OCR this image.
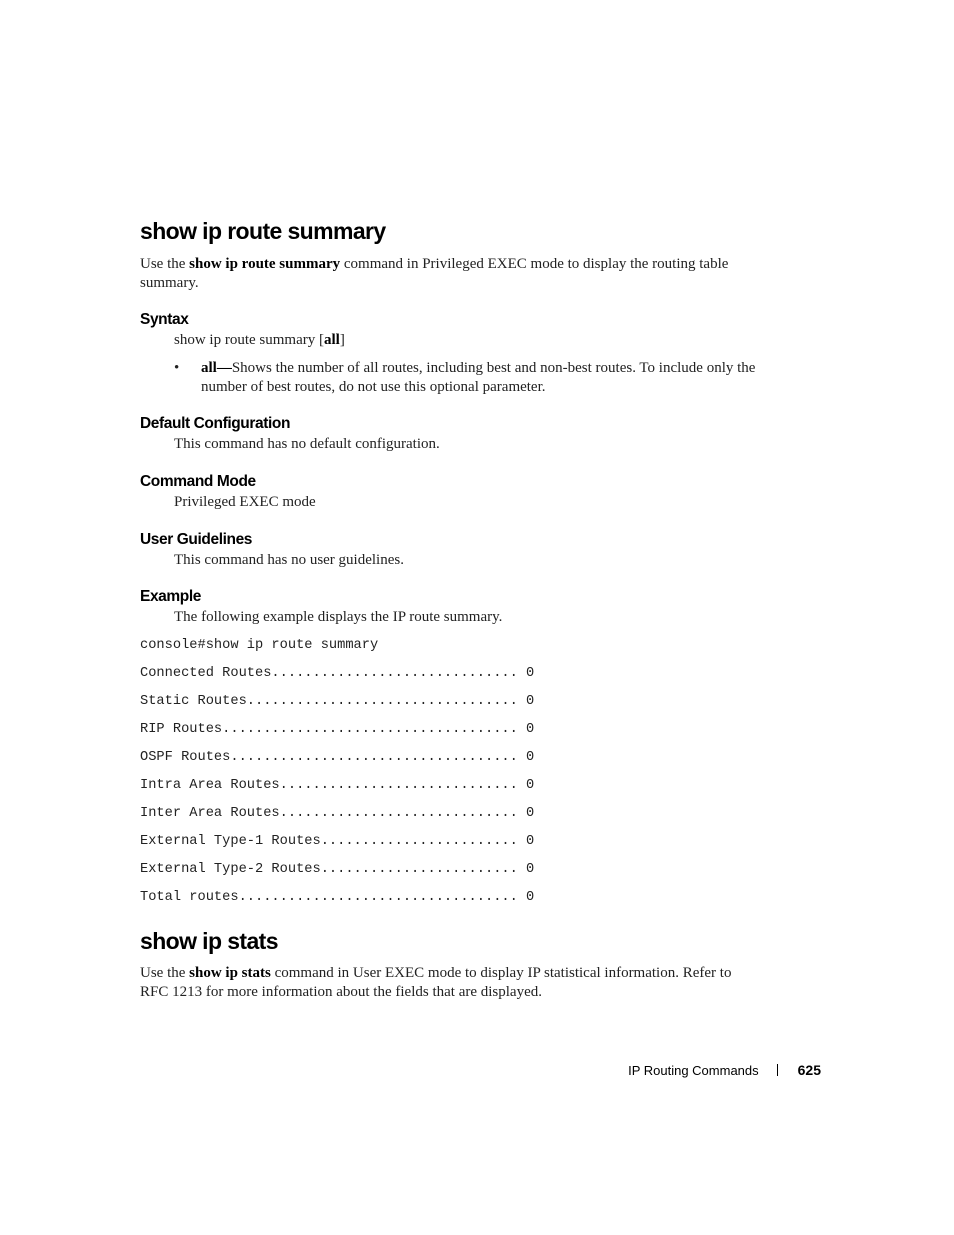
show ip route summary
Use the show ip route summary command in Privileged EXEC mode to display the routing table summary.
Syntax
show ip route summary [all]
• all—Shows the number of all routes, including best and non-best routes. To include only the number of best routes, do not use this optional parameter.
Default Configuration
This command has no default configuration.
Command Mode
Privileged EXEC mode
User Guidelines
This command has no user guidelines.
Example
The following example displays the IP route summary.
console#show ip route summary
Connected Routes.............................. 0
Static Routes................................. 0
RIP Routes.................................... 0
OSPF Routes................................... 0
Intra Area Routes............................. 0
Inter Area Routes............................. 0
External Type-1 Routes........................ 0
External Type-2 Routes........................ 0
Total routes.................................. 0
show ip stats
Use the show ip stats command in User EXEC mode to display IP statistical information. Refer to RFC 1213 for more information about the fields that are displayed.
IP Routing Commands	625
